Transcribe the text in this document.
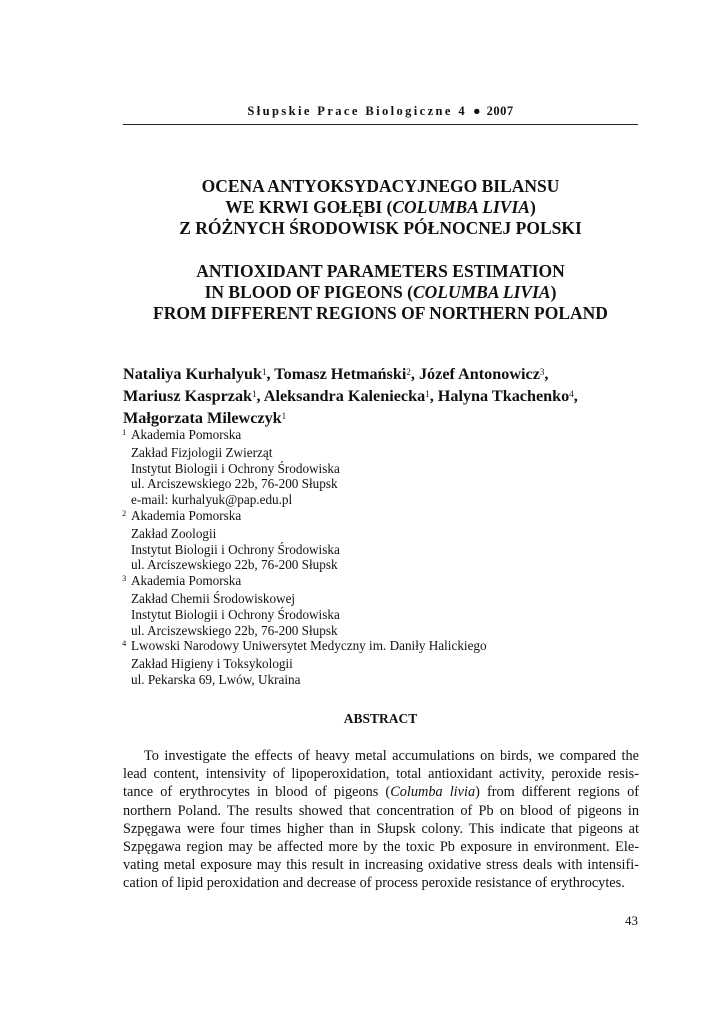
Słupskie Prace Biologiczne 4 ● 2007
OCENA ANTYOKSYDACYJNEGO BILANSU
WE KRWI GOŁĘBI (COLUMBA LIVIA)
Z RÓŻNYCH ŚRODOWISK PÓŁNOCNEJ POLSKI
ANTIOXIDANT PARAMETERS ESTIMATION
IN BLOOD OF PIGEONS (COLUMBA LIVIA)
FROM DIFFERENT REGIONS OF NORTHERN POLAND
Nataliya Kurhalyuk$^1$, Tomasz Hetmański$^2$, Józef Antonowicz$^3$,
Mariusz Kasprzak$^1$, Aleksandra Kaleniecka$^1$, Halyna Tkachenko$^4$,
Małgorzata Milewczyk$^1$
1 Akademia Pomorska
Zakład Fizjologii Zwierząt
Instytut Biologii i Ochrony Środowiska
ul. Arciszewskiego 22b, 76-200 Słupsk
e-mail: kurhalyuk@pap.edu.pl
2 Akademia Pomorska
Zakład Zoologii
Instytut Biologii i Ochrony Środowiska
ul. Arciszewskiego 22b, 76-200 Słupsk
3 Akademia Pomorska
Zakład Chemii Środowiskowej
Instytut Biologii i Ochrony Środowiska
ul. Arciszewskiego 22b, 76-200 Słupsk
4 Lwowski Narodowy Uniwersytet Medyczny im. Daniły Halickiego
Zakład Higieny i Toksykologii
ul. Pekarska 69, Lwów, Ukraina
ABSTRACT
To investigate the effects of heavy metal accumulations on birds, we compared the
lead content, intensivity of lipoperoxidation, total antioxidant activity, peroxide resis-
tance of erythrocytes in blood of pigeons (Columba livia) from different regions of
northern Poland. The results showed that concentration of Pb on blood of pigeons in
Szpęgawa were four times higher than in Słupsk colony. This indicate that pigeons at
Szpęgawa region may be affected more by the toxic Pb exposure in environment. Ele-
vating metal exposure may this result in increasing oxidative stress deals with intensifi-
cation of lipid peroxidation and decrease of process peroxide resistance of erythrocytes.
43
